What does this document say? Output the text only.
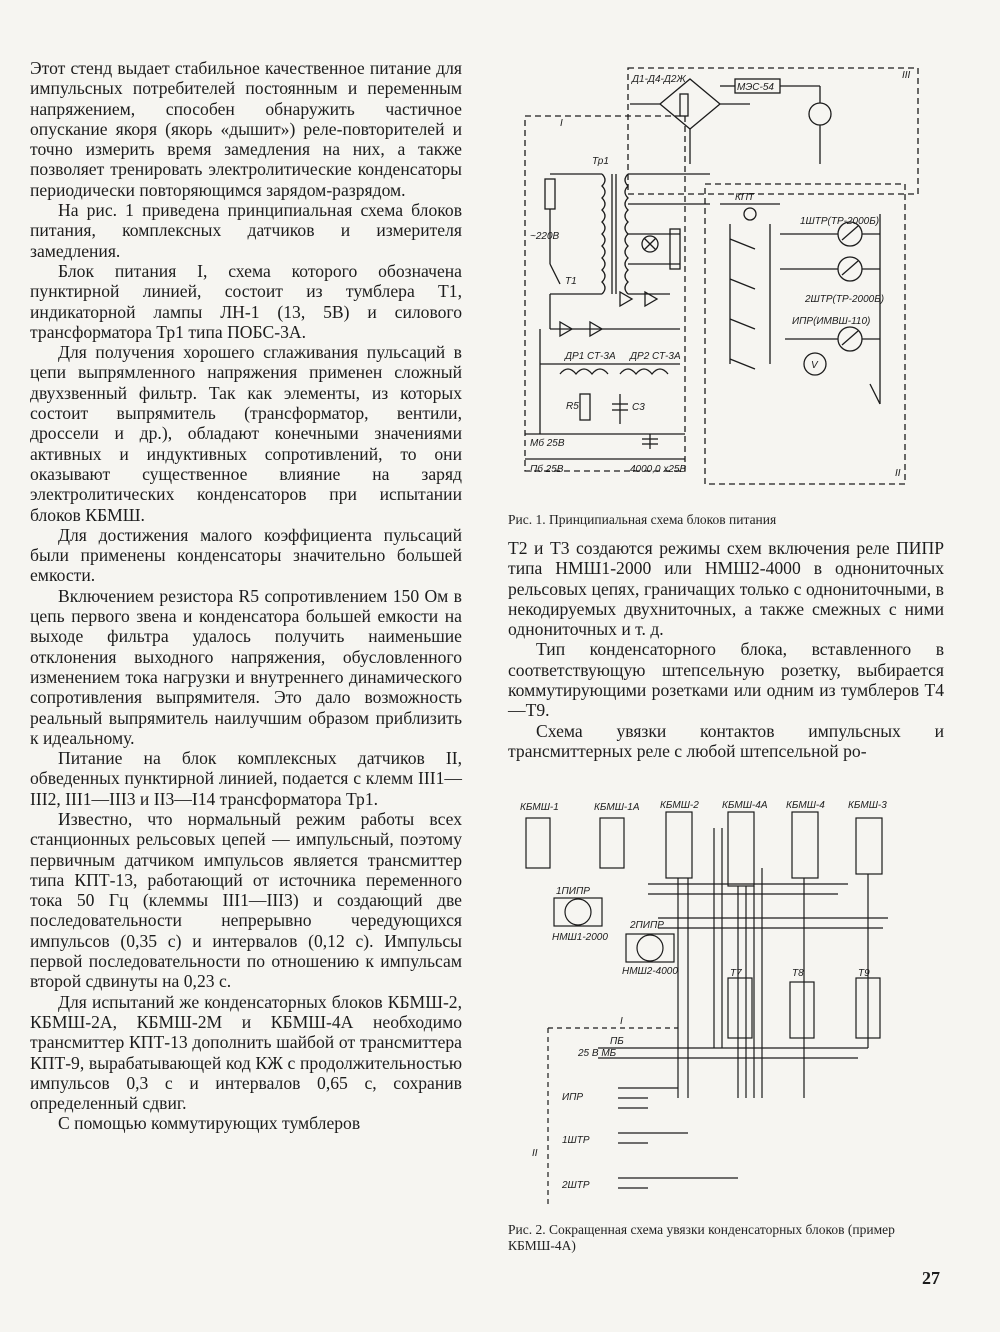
Этот стенд выдает стабильное качественное питание для импульсных потребителей постоянным и переменным напряжением, способен обнаружить частичное опускание якоря (якорь «дышит») реле-повторителей и точно измерить время замедления на них, а также позволяет тренировать электролитические конденсаторы периодически повторяющимся зарядом-разрядом.

На рис. 1 приведена принципиальная схема блоков питания, комплексных датчиков и измерителя замедления.

Блок питания I, схема которого обозначена пунктирной линией, состоит из тумблера Т1, индикаторной лампы ЛН-1 (13, 5В) и силового трансформатора Тр1 типа ПОБС-3А.

Для получения хорошего сглаживания пульсаций в цепи выпрямленного напряжения применен сложный двухзвенный фильтр. Так как элементы, из которых состоит выпрямитель (трансформатор, вентили, дроссели и др.), обладают конечными значениями активных и индуктивных сопротивлений, то они оказывают существенное влияние на заряд электролитических конденсаторов при испытании блоков КБМШ.

Для достижения малого коэффициента пульсаций были применены конденсаторы значительно большей емкости.

Включением резистора R5 сопротивлением 150 Ом в цепь первого звена и конденсатора большей емкости на выходе фильтра удалось получить наименьшие отклонения выходного напряжения, обусловленного изменением тока нагрузки и внутреннего динамического сопротивления выпрямителя. Это дало возможность реальный выпрямитель наилучшим образом приблизить к идеальному.

Питание на блок комплексных датчиков II, обведенных пунктирной линией, подается с клемм III1—III2, III1—III3 и II3—I14 трансформатора Тр1.

Известно, что нормальный режим работы всех станционных рельсовых цепей — импульсный, поэтому первичным датчиком импульсов является трансмиттер типа КПТ-13, работающий от источника переменного тока 50 Гц (клеммы III1—III3) и создающий две последовательности непрерывно чередующихся импульсов (0,35 с) и интервалов (0,12 с). Импульсы первой последовательности по отношению к импульсам второй сдвинуты на 0,23 с.

Для испытаний же конденсаторных блоков КБМШ-2, КБМШ-2А, КБМШ-2М и КБМШ-4А необходимо трансмиттер КПТ-13 дополнить шайбой от трансмиттера КПТ-9, вырабатывающей код КЖ с продолжительностью импульсов 0,3 с и интервалов 0,65 с, сохранив определенный сдвиг.

С помощью коммутирующих тумблеров

Д1-Д4-Д2Ж
МЭС-54
III
I
Тр1
~220В
Т1
КПТ
1ШТР(ТР-2000Б)
2ШТР(ТР-2000Б)
ИПР(ИМВШ-110)
V
ДР1 СТ-3А ДР2 СТ-3А
R5	С3
Мб 25В
Пб 25В	4000,0 х25В	II
Рис. 1. Принципиальная схема блоков питания

Т2 и Т3 создаются режимы схем включения реле ПИПР типа НМШ1-2000 или НМШ2-4000 в однониточных рельсовых цепях, граничащих только с однониточными, в некодируемых двухниточных, а также смежных с ними однониточных и т. д.

Тип конденсаторного блока, вставленного в соответствующую штепсельную розетку, выбирается коммутирующими розетками или одним из тумблеров Т4—Т9.

Схема увязки контактов импульсных и трансмиттерных реле с любой штепсельной ро-

КБМШ-1	КБМШ-1А КБМШ-2 КБМШ-4А КБМШ-4 КБМШ-3
1ПИПР
НМШ1-2000
2ПИПР
НМШ2-4000	Т7	Т8	Т9
I
ПБ
25 В МБ
ИПР
1ШТР
2ШТР
II
Рис. 2. Сокращенная схема увязки конденсаторных блоков (пример КБМШ-4А)
27
